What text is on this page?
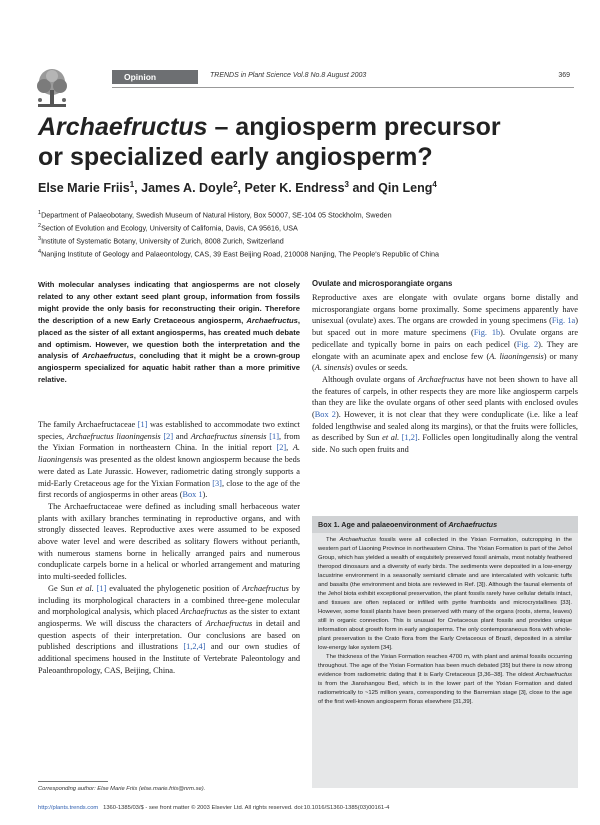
Opinion	TRENDS in Plant Science Vol.8 No.8 August 2003	369
Archaefructus – angiosperm precursor
or specialized early angiosperm?
Else Marie Friis$^1$, James A. Doyle$^2$, Peter K. Endress$^3$ and Qin Leng$^4$
$^1$Department of Palaeobotany, Swedish Museum of Natural History, Box 50007, SE-104 05 Stockholm, Sweden
$^2$Section of Evolution and Ecology, University of California, Davis, CA 95616, USA
$^3$Institute of Systematic Botany, University of Zurich, 8008 Zurich, Switzerland
$^4$Nanjing Institute of Geology and Palaeontology, CAS, 39 East Beijing Road, 210008 Nanjing, The People's Republic of China
With molecular analyses indicating that angiosperms are not closely related to any other extant seed plant group, information from fossils might provide the only basis for reconstructing their origin. Therefore the description of a new Early Cretaceous angiosperm, Archaefructus, placed as the sister of all extant angiosperms, has created much debate and optimism. However, we question both the interpretation and the analysis of Archaefructus, concluding that it might be a crown-group angiosperm specialized for aquatic habit rather than a more primitive relative.

The family Archaefructaceae [1] was established to accommodate two extinct species, Archaefructus liaoningensis [2] and Archaefructus sinensis [1], from the Yixian Formation in northeastern China. In the initial report [2], A. liaoningensis was presented as the oldest known angiosperm because the beds were dated as Late Jurassic. However, radiometric dating strongly supports a mid-Early Cretaceous age for the Yixian Formation [3], close to the age of the first records of angiosperms in other areas (Box 1).

The Archaefructaceae were defined as including small herbaceous water plants with axillary branches terminating in reproductive organs, and with strongly dissected leaves. Reproductive axes were assumed to be exposed above water level and were described as solitary flowers without perianth, with numerous stamens borne in helically arranged pairs and numerous conduplicate carpels borne in a helical or whorled arrangement and maturing into multi-seeded follicles.

Ge Sun et al. [1] evaluated the phylogenetic position of Archaefructus by including its morphological characters in a combined three-gene molecular and morphological analysis, which placed Archaefructus as the sister to extant angiosperms. We will discuss the characters of Archaefructus in detail and question aspects of their interpretation. Our conclusions are based on published descriptions and illustrations [1,2,4] and our own studies of additional specimens housed in the Institute of Vertebrate Paleontology and Paleoanthropology, CAS, Beijing, China.

Ovulate and microsporangiate organs

Reproductive axes are elongate with ovulate organs borne distally and microsporangiate organs borne proximally. Some specimens apparently have unisexual (ovulate) axes. The organs are crowded in young specimens (Fig. 1a) but spaced out in more mature specimens (Fig. 1b). Ovulate organs are pedicellate and typically borne in pairs on each pedicel (Fig. 2). They are elongate with an acuminate apex and enclose few (A. liaoningensis) or many (A. sinensis) ovules or seeds.

Although ovulate organs of Archaefructus have not been shown to have all the features of carpels, in other respects they are more like angiosperm carpels than they are like the ovulate organs of other seed plants with enclosed ovules (Box 2). However, it is not clear that they were conduplicate (i.e. like a leaf folded lengthwise and sealed along its margins), or that the fruits were follicles, as described by Sun et al. [1,2]. Follicles open longitudinally along the ventral side. No such open fruits and

Box 1. Age and palaeoenvironment of Archaefructus

The Archaefructus fossils were all collected in the Yixian Formation, outcropping in the western part of Liaoning Province in northeastern China. The Yixian Formation is part of the Jehol Group, which has yielded a wealth of exquisitely preserved fossil animals, most notably feathered theropod dinosaurs and a diversity of early birds. The sediments were deposited in a low-energy lacustrine environment in a seasonally semiarid climate and are intercalated with volcanic tuffs and basalts (the environment and biota are reviewed in Ref. [3]). Although the faunal elements of the Jehol biota exhibit exceptional preservation, the plant fossils rarely have cellular details intact, and tissues are often replaced or infilled with pyrite framboids and microcrystallines [33]. However, some fossil plants have been preserved with many of the organs (roots, stems, leaves) still in organic connection. This is unusual for Cretaceous plant fossils and provides unique information about growth form in early angiosperms. The only contemporaneous flora with whole-plant preservation is the Crato flora from the Early Cretaceous of Brazil, deposited in a similar low-energy lake system [34].

The thickness of the Yixian Formation reaches 4700 m, with plant and animal fossils occurring throughout. The age of the Yixian Formation has been much debated [35] but there is now strong evidence from radiometric dating that it is Early Cretaceous [3,36–38]. The oldest Archaefructus is from the Jianshangou Bed, which is in the lower part of the Yixian Formation and dated radiometrically to ~125 million years, corresponding to the Barremian stage [3], close to the age of the first well-known angiosperm floras elsewhere [31,39].

Corresponding author: Else Marie Friis (else.marie.friis@nrm.se).
http://plants.trends.com 1360-1385/03/$ - see front matter © 2003 Elsevier Ltd. All rights reserved. doi:10.1016/S1360-1385(03)00161-4
